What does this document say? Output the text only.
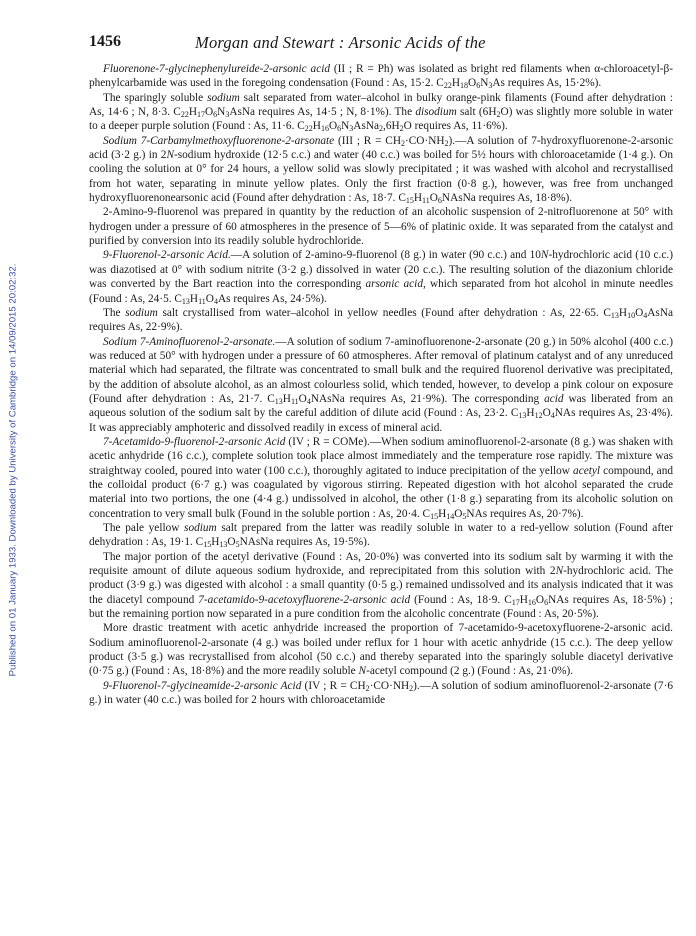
Published on 01 January 1933. Downloaded by University of Cambridge on 14/09/2015 20:02:32.
1456	Morgan and Stewart : Arsonic Acids of the

Fluorenone-7-glycinephenylureide-2-arsonic acid (II ; R = Ph) was isolated as bright red filaments when α-chloroacetyl-β-phenylcarbamide was used in the foregoing condensation (Found : As, 15·2. $C_{22}H_{18}O_6N_3As$ requires As, 15·2%).

The sparingly soluble sodium salt separated from water–alcohol in bulky orange-pink filaments (Found after dehydration : As, 14·6 ; N, 8·3. $C_{22}H_{17}O_6N_3AsNa$ requires As, 14·5 ; N, 8·1%). The disodium salt $(6H_2O)$ was slightly more soluble in water to a deeper purple solution (Found : As, 11·6. $C_{22}H_{16}O_6N_3AsNa_2,6H_2O$ requires As, 11·6%).

Sodium 7-Carbamylmethoxyfluorenone-2-arsonate (III ; $R = CH_2\cdot CO\cdot NH_2).—A$ solution of 7-hydroxyfluorenone-2-arsonic acid (3·2 g.) in 2N-sodium hydroxide (12·5 c.c.) and water (40 c.c.) was boiled for 5½ hours with chloroacetamide (1·4 g.). On cooling the solution at 0° for 24 hours, a yellow solid was slowly precipitated ; it was washed with alcohol and recrystallised from hot water, separating in minute yellow plates. Only the first fraction (0·8 g.), however, was free from unchanged hydroxyfluorenonearsonic acid (Found after dehydration : As, 18·7. $C_{15}H_{11}O_6NAsNa$ requires As, 18·8%).

2-Amino-9-fluorenol was prepared in quantity by the reduction of an alcoholic suspension of 2-nitrofluorenone at 50° with hydrogen under a pressure of 60 atmospheres in the presence of 5—6% of platinic oxide. It was separated from the catalyst and purified by conversion into its readily soluble hydrochloride.

9-Fluorenol-2-arsonic Acid.—A solution of 2-amino-9-fluorenol (8 g.) in water (90 c.c.) and 10N-hydrochloric acid (10 c.c.) was diazotised at 0° with sodium nitrite (3·2 g.) dissolved in water (20 c.c.). The resulting solution of the diazonium chloride was converted by the Bart reaction into the corresponding arsonic acid, which separated from hot alcohol in minute needles (Found : As, 24·5. $C_{13}H_{11}O_4As$ requires As, 24·5%).

The sodium salt crystallised from water–alcohol in yellow needles (Found after dehydration : As, 22·65. $C_{13}H_{10}O_4AsNa$ requires As, 22·9%).

Sodium 7-Aminofluorenol-2-arsonate.—A solution of sodium 7-aminofluorenone-2-arsonate (20 g.) in 50% alcohol (400 c.c.) was reduced at 50° with hydrogen under a pressure of 60 atmospheres. After removal of platinum catalyst and of any unreduced material which had separated, the filtrate was concentrated to small bulk and the required fluorenol derivative was precipitated, by the addition of absolute alcohol, as an almost colourless solid, which tended, however, to develop a pink colour on exposure (Found after dehydration : As, 21·7. $C_{13}H_{11}O_4NAsNa$ requires As, 21·9%). The corresponding acid was liberated from an aqueous solution of the sodium salt by the careful addition of dilute acid (Found : As, 23·2. $C_{13}H_{12}O_4NAs$ requires As, 23·4%). It was appreciably amphoteric and dissolved readily in excess of mineral acid.

7-Acetamido-9-fluorenol-2-arsonic Acid (IV ; R = COMe).—When sodium aminofluorenol-2-arsonate (8 g.) was shaken with acetic anhydride (16 c.c.), complete solution took place almost immediately and the temperature rose rapidly. The mixture was straightway cooled, poured into water (100 c.c.), thoroughly agitated to induce precipitation of the yellow acetyl compound, and the colloidal product (6·7 g.) was coagulated by vigorous stirring. Repeated digestion with hot alcohol separated the crude material into two portions, the one (4·4 g.) undissolved in alcohol, the other (1·8 g.) separating from its alcoholic solution on concentration to very small bulk (Found in the soluble portion : As, 20·4. $C_{15}H_{14}O_5NAs$ requires As, 20·7%).

The pale yellow sodium salt prepared from the latter was readily soluble in water to a red-yellow solution (Found after dehydration : As, 19·1. $C_{15}H_{13}O_5NAsNa$ requires As, 19·5%).

The major portion of the acetyl derivative (Found : As, 20·0%) was converted into its sodium salt by warming it with the requisite amount of dilute aqueous sodium hydroxide, and reprecipitated from this solution with 2N-hydrochloric acid. The product (3·9 g.) was digested with alcohol : a small quantity (0·5 g.) remained undissolved and its analysis indicated that it was the diacetyl compound 7-acetamido-9-acetoxyfluorene-2-arsonic acid (Found : As, 18·9. $C_{17}H_{16}O_6NAs$ requires As, 18·5%) ; but the remaining portion now separated in a pure condition from the alcoholic concentrate (Found : As, 20·5%).

More drastic treatment with acetic anhydride increased the proportion of 7-acetamido-9-acetoxyfluorene-2-arsonic acid. Sodium aminofluorenol-2-arsonate (4 g.) was boiled under reflux for 1 hour with acetic anhydride (15 c.c.). The deep yellow product (3·5 g.) was recrystallised from alcohol (50 c.c.) and thereby separated into the sparingly soluble diacetyl derivative (0·75 g.) (Found : As, 18·8%) and the more readily soluble N-acetyl compound (2 g.) (Found : As, 21·0%).

9-Fluorenol-7-glycineamide-2-arsonic Acid (IV ; $R = CH_2\cdot CO\cdot NH_2).—A$ solution of sodium aminofluorenol-2-arsonate (7·6 g.) in water (40 c.c.) was boiled for 2 hours with chloroacetamide
